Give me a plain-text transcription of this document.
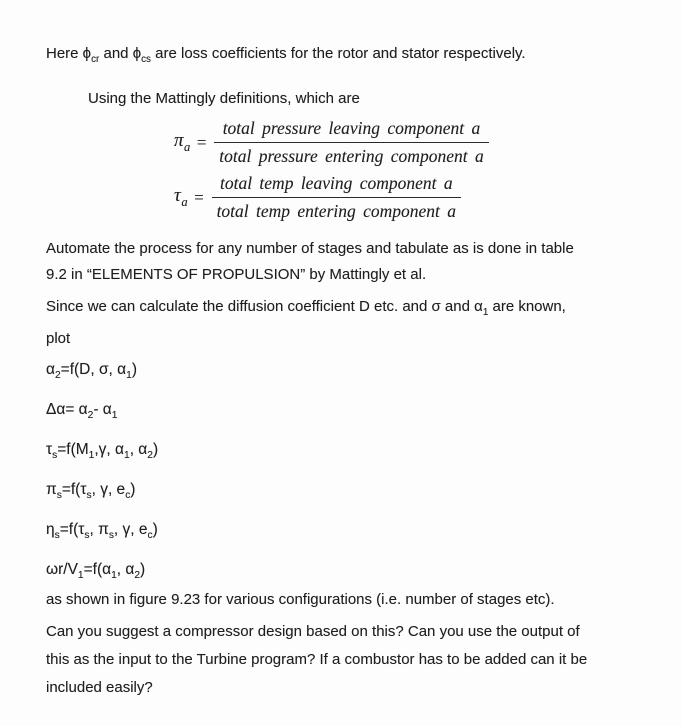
Here $\phi_{cr}$ and $\phi_{cs}$ are loss coefficients for the rotor and stator respectively.

Using the Mattingly definitions, which are

$\pi_a = \frac{\text{total pressure leaving component a}}{\text{total pressure entering component a}}$
$\tau_a = \frac{\text{total temp leaving component a}}{\text{total temp entering component a}}$

Automate the process for any number of stages and tabulate as is done in table

9.2 in “ELEMENTS OF PROPULSION” by Mattingly et al.

Since we can calculate the diffusion coefficient D etc. and σ and $\alpha_1$ are known,

plot

$\alpha_2=f(D$, σ, $\alpha_1$)
$\Delta\alpha= \alpha_2-$ $\alpha_1$
$\tau_s=f(M_1,\gamma$, $\alpha_1$, $\alpha_2$)
$\pi_s=f(\tau_s$, γ, $e_c$)
$\eta_s=f(\tau_s$, $\pi_s$, γ, $e_c$)
$\omega r/V_1=f(\alpha_1$, $\alpha_2$)

as shown in figure 9.23 for various configurations (i.e. number of stages etc).

Can you suggest a compressor design based on this? Can you use the output of

this as the input to the Turbine program? If a combustor has to be added can it be

included easily?
